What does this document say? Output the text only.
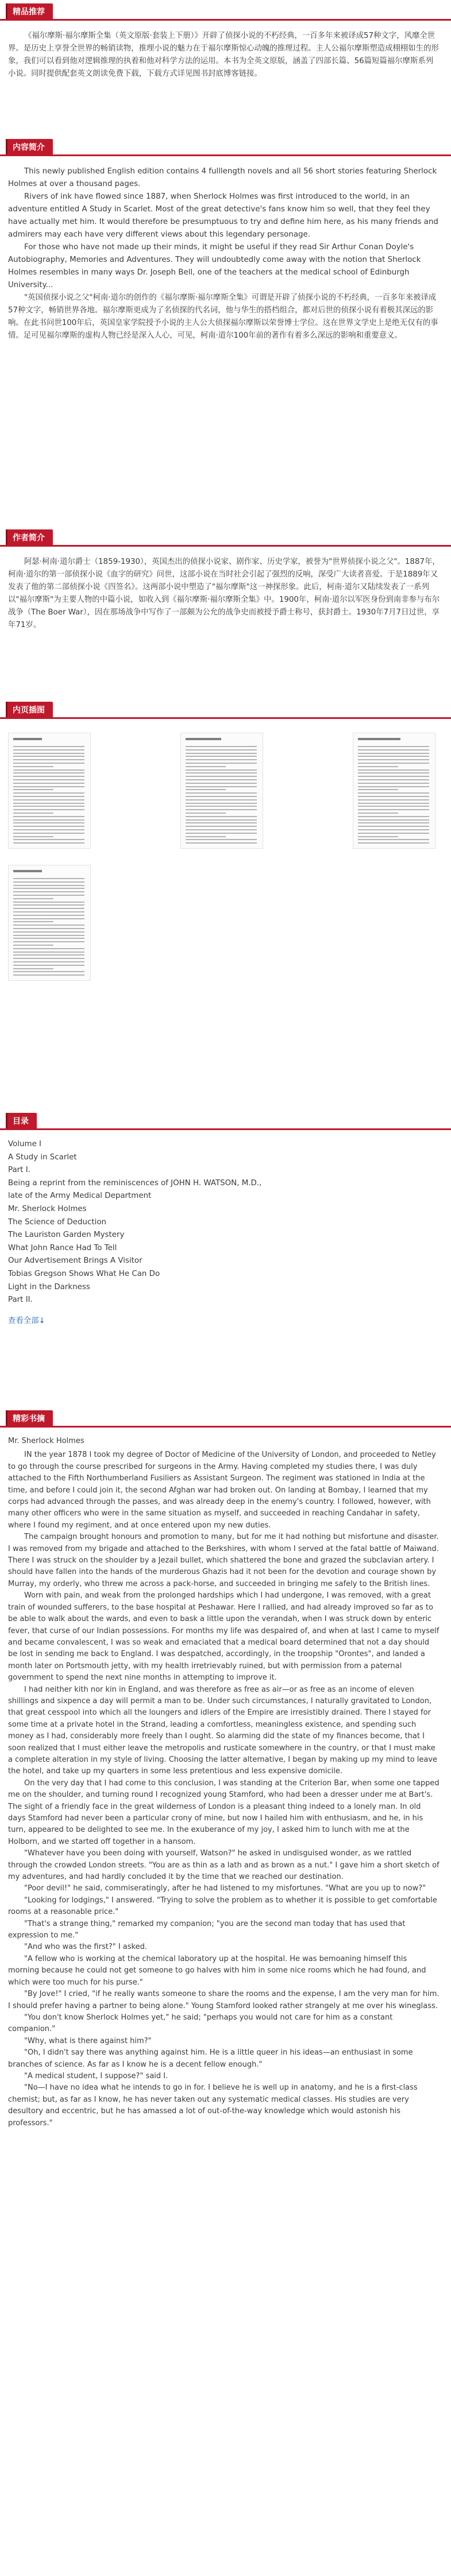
精品推荐

《福尔摩斯·福尔摩斯全集（英文原版·套装上下册）》开辟了侦探小说的不朽经典，一百多年来被译成57种文字，风靡全世界。是历史上享誉全世界的畅销读物，推理小说的魅力在于福尔摩斯惊心动魄的推理过程。主人公福尔摩斯塑造成栩栩如生的形象，我们可以看到他对逻辑推理的执着和他对科学方法的运用。本书为全英文原版，涵盖了四部长篇、56篇短篇福尔摩斯系列小说。同时提供配套英文朗读免费下载，下载方式详见图书封底博客链接。

内容简介

This newly published English edition contains 4 fulllength novels and all 56 short stories featuring Sherlock Holmes at over a thousand pages.

Rivers of ink have flowed since 1887, when Sherlock Holmes was first introduced to the world, in an adventure entitled A Study in Scarlet. Most of the great detective's fans know him so well, that they feel they have actually met him. It would therefore be presumptuous to try and define him here, as his many friends and admirers may each have very different views about this legendary personage.

For those who have not made up their minds, it might be useful if they read Sir Arthur Conan Doyle's Autobiography, Memories and Adventures. They will undoubtedly come away with the notion that Sherlock Holmes resembles in many ways Dr. Joseph Bell, one of the teachers at the medical school of Edinburgh University...

"英国侦探小说之父"柯南·道尔的创作的《福尔摩斯·福尔摩斯全集》可谓是开辟了侦探小说的不朽经典，一百多年来被译成57种文字，畅销世界各地。福尔摩斯更成为了名侦探的代名词，他与华生的搭档组合，都对后世的侦探小说有着极其深远的影响。在此书问世100年后，英国皇家学院授予小说的主人公大侦探福尔摩斯以荣誉博士学位。这在世界文学史上是绝无仅有的事情。足可见福尔摩斯的虚构人物已经是深入人心，可见，柯南·道尔100年前的著作有着多么深远的影响和重要意义。

作者简介

阿瑟·柯南·道尔爵士（1859-1930），英国杰出的侦探小说家、剧作家、历史学家，被誉为"世界侦探小说之父"。1887年，柯南·道尔的第一部侦探小说《血字的研究》问世，这部小说在当时社会引起了强烈的反响，深受广大读者喜爱。于是1889年又发表了他的第二部侦探小说《四签名》。这两部小说中塑造了"福尔摩斯"这一神探形象。此后，柯南·道尔又陆续发表了一系列以"福尔摩斯"为主要人物的中篇小说，如收入到《福尔摩斯·福尔摩斯全集》中。1900年，柯南·道尔以军医身份到南非参与布尔战争（The Boer War），因在那场战争中写作了一部颇为公允的战争史而被授予爵士称号，获封爵士。1930年7月7日过世，享年71岁。

内页插图
目录
Volume Ⅰ
A Study in Scarlet
Part I.
Being a reprint from the reminiscences of JOHN H. WATSON, M.D.,
late of the Army Medical Department
Mr. Sherlock Holmes
The Science of Deduction
The Lauriston Garden Mystery
What John Rance Had To Tell
Our Advertisement Brings A Visitor
Tobias Gregson Shows What He Can Do
Light in the Darkness
Part II.
查看全部↓
精彩书摘

Mr. Sherlock Holmes

IN the year 1878 I took my degree of Doctor of Medicine of the University of London, and proceeded to Netley to go through the course prescribed for surgeons in the Army. Having completed my studies there, I was duly attached to the Fifth Northumberland Fusiliers as Assistant Surgeon. The regiment was stationed in India at the time, and before I could join it, the second Afghan war had broken out. On landing at Bombay, I learned that my corps had advanced through the passes, and was already deep in the enemy's country. I followed, however, with many other officers who were in the same situation as myself, and succeeded in reaching Candahar in safety, where I found my regiment, and at once entered upon my new duties.

The campaign brought honours and promotion to many, but for me it had nothing but misfortune and disaster. I was removed from my brigade and attached to the Berkshires, with whom I served at the fatal battle of Maiwand. There I was struck on the shoulder by a Jezail bullet, which shattered the bone and grazed the subclavian artery. I should have fallen into the hands of the murderous Ghazis had it not been for the devotion and courage shown by Murray, my orderly, who threw me across a pack-horse, and succeeded in bringing me safely to the British lines.

Worn with pain, and weak from the prolonged hardships which I had undergone, I was removed, with a great train of wounded sufferers, to the base hospital at Peshawar. Here I rallied, and had already improved so far as to be able to walk about the wards, and even to bask a little upon the verandah, when I was struck down by enteric fever, that curse of our Indian possessions. For months my life was despaired of, and when at last I came to myself and became convalescent, I was so weak and emaciated that a medical board determined that not a day should be lost in sending me back to England. I was despatched, accordingly, in the troopship "Orontes", and landed a month later on Portsmouth jetty, with my health irretrievably ruined, but with permission from a paternal government to spend the next nine months in attempting to improve it.

I had neither kith nor kin in England, and was therefore as free as air—or as free as an income of eleven shillings and sixpence a day will permit a man to be. Under such circumstances, I naturally gravitated to London, that great cesspool into which all the loungers and idlers of the Empire are irresistibly drained. There I stayed for some time at a private hotel in the Strand, leading a comfortless, meaningless existence, and spending such money as I had, considerably more freely than I ought. So alarming did the state of my finances become, that I soon realized that I must either leave the metropolis and rusticate somewhere in the country, or that I must make a complete alteration in my style of living. Choosing the latter alternative, I began by making up my mind to leave the hotel, and take up my quarters in some less pretentious and less expensive domicile.

On the very day that I had come to this conclusion, I was standing at the Criterion Bar, when some one tapped me on the shoulder, and turning round I recognized young Stamford, who had been a dresser under me at Bart's. The sight of a friendly face in the great wilderness of London is a pleasant thing indeed to a lonely man. In old days Stamford had never been a particular crony of mine, but now I hailed him with enthusiasm, and he, in his turn, appeared to be delighted to see me. In the exuberance of my joy, I asked him to lunch with me at the Holborn, and we started off together in a hansom.

"Whatever have you been doing with yourself, Watson?" he asked in undisguised wonder, as we rattled through the crowded London streets. "You are as thin as a lath and as brown as a nut." I gave him a short sketch of my adventures, and had hardly concluded it by the time that we reached our destination.

"Poor devil!" he said, commiseratingly, after he had listened to my misfortunes. "What are you up to now?"

"Looking for lodgings," I answered. "Trying to solve the problem as to whether it is possible to get comfortable rooms at a reasonable price."

"That's a strange thing," remarked my companion; "you are the second man today that has used that expression to me."

"And who was the first?" I asked.

"A fellow who is working at the chemical laboratory up at the hospital. He was bemoaning himself this morning because he could not get someone to go halves with him in some nice rooms which he had found, and which were too much for his purse."

"By Jove!" I cried, "if he really wants someone to share the rooms and the expense, I am the very man for him. I should prefer having a partner to being alone." Young Stamford looked rather strangely at me over his wineglass.

"You don't know Sherlock Holmes yet," he said; "perhaps you would not care for him as a constant companion."

"Why, what is there against him?"

"Oh, I didn't say there was anything against him. He is a little queer in his ideas—an enthusiast in some branches of science. As far as I know he is a decent fellow enough."

"A medical student, I suppose?" said I.

"No—I have no idea what he intends to go in for. I believe he is well up in anatomy, and he is a first-class chemist; but, as far as I know, he has never taken out any systematic medical classes. His studies are very desultory and eccentric, but he has amassed a lot of out-of-the-way knowledge which would astonish his professors."
